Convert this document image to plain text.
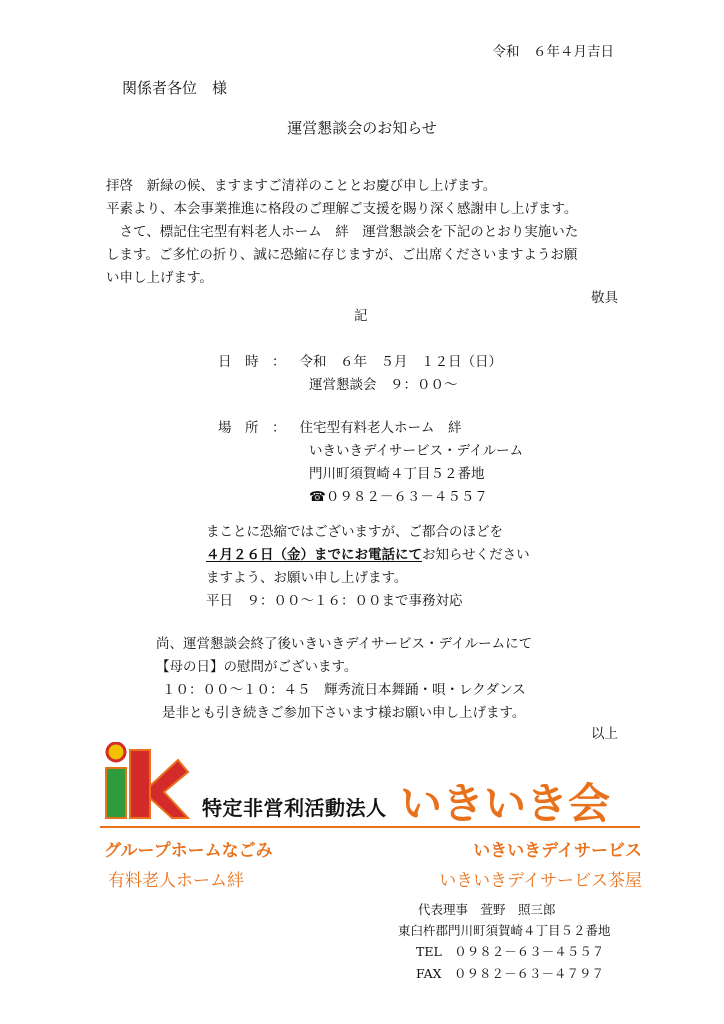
令和　６年４月吉日
関係者各位　様
運営懇談会のお知らせ
拝啓　新緑の候、ますますご清祥のこととお慶び申し上げます。
平素より、本会事業推進に格段のご理解ご支援を賜り深く感謝申し上げます。
　さて、標記住宅型有料老人ホーム　絆　運営懇談会を下記のとおり実施いた
します。ご多忙の折り、誠に恐縮に存じますが、ご出席くださいますようお願
い申し上げます。
敬具
記
日　時　： 令和　６年　５月　１２日（日）
運営懇談会　９：００～
場　所　： 住宅型有料老人ホーム　絆
いきいきデイサービス・デイルーム
門川町須賀崎４丁目５２番地
☎０９８２－６３－４５５７
まことに恐縮ではございますが、ご都合のほどを
４月２６日（金）までにお電話にてお知らせください
ますよう、お願い申し上げます。
平日　９：００～１６：００まで事務対応
尚、運営懇談会終了後いきいきデイサービス・デイルームにて
【母の日】の慰問がございます。
１０：００～１０：４５　輝秀流日本舞踊・唄・レクダンス
是非とも引き続きご参加下さいます様お願い申し上げます。
以上
特定非営利活動法人 いきいき会
グループホームなごみ	いきいきデイサービス
有料老人ホーム絆	いきいきデイサービス茶屋
代表理事　萱野　照三郎
東臼杵郡門川町須賀崎４丁目５２番地
TEL　０９８２－６３－４５５７
FAX　０９８２－６３－４７９７
